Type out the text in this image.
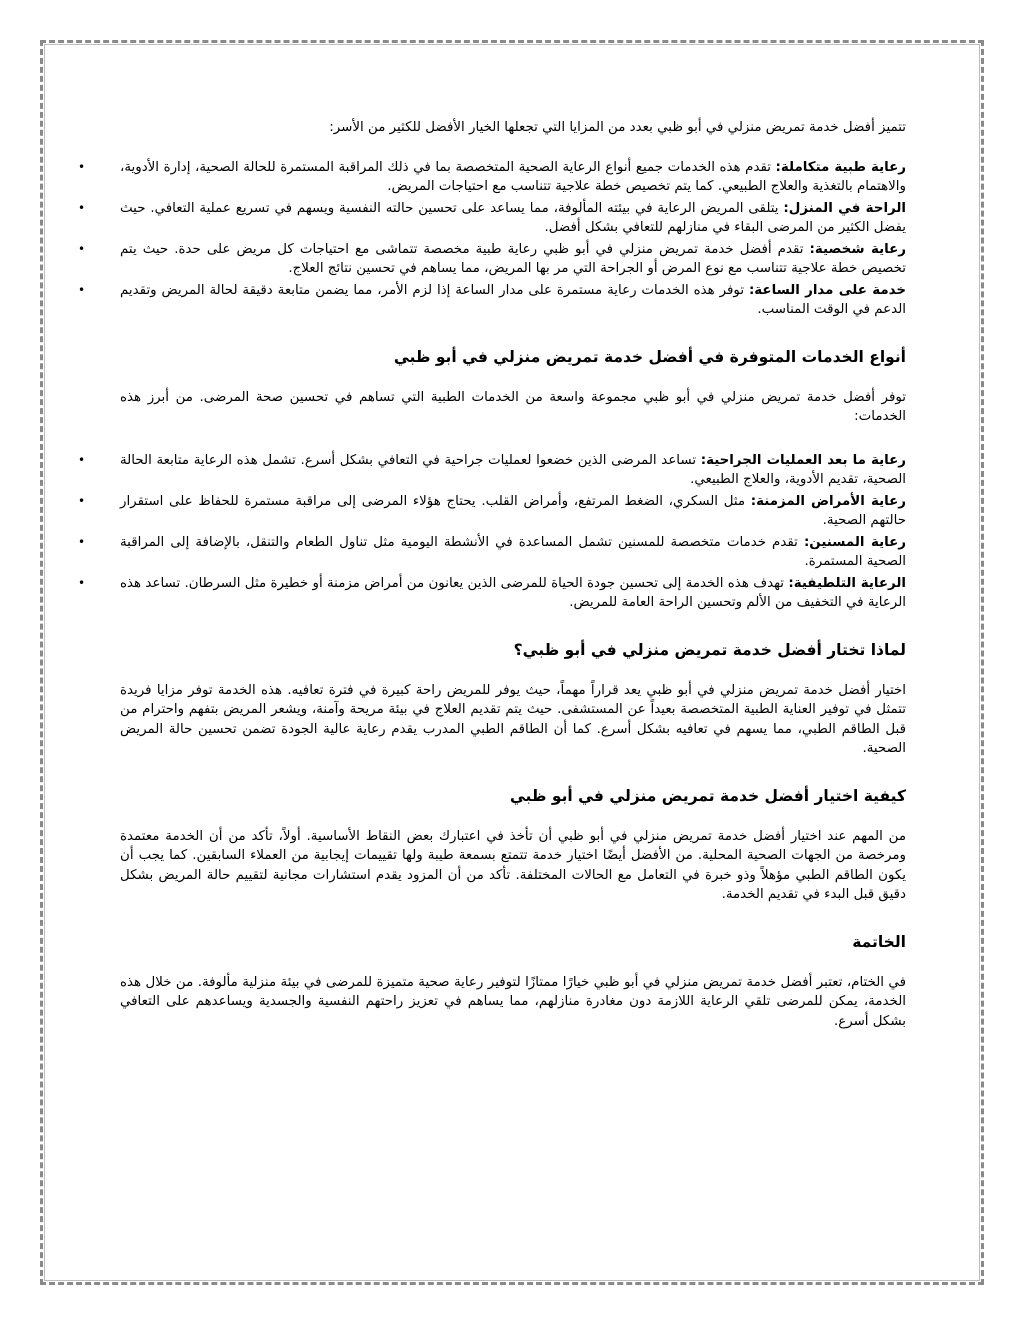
تتميز أفضل خدمة تمريض منزلي في أبو ظبي بعدد من المزايا التي تجعلها الخيار الأفضل للكثير من الأسر:

•	رعاية طبية متكاملة: تقدم هذه الخدمات جميع أنواع الرعاية الصحية المتخصصة بما في ذلك المراقبة المستمرة للحالة الصحية، إدارة الأدوية، والاهتمام بالتغذية والعلاج الطبيعي. كما يتم تخصيص خطة علاجية تتناسب مع احتياجات المريض.
•	الراحة في المنزل: يتلقى المريض الرعاية في بيئته المألوفة، مما يساعد على تحسين حالته النفسية ويسهم في تسريع عملية التعافي. حيث يفضل الكثير من المرضى البقاء في منازلهم للتعافي بشكل أفضل.
•	رعاية شخصية: تقدم أفضل خدمة تمريض منزلي في أبو ظبي رعاية طبية مخصصة تتماشى مع احتياجات كل مريض على حدة. حيث يتم تخصيص خطة علاجية تتناسب مع نوع المرض أو الجراحة التي مر بها المريض، مما يساهم في تحسين نتائج العلاج.
•	خدمة على مدار الساعة: توفر هذه الخدمات رعاية مستمرة على مدار الساعة إذا لزم الأمر، مما يضمن متابعة دقيقة لحالة المريض وتقديم الدعم في الوقت المناسب.
أنواع الخدمات المتوفرة في أفضل خدمة تمريض منزلي في أبو ظبي

توفر أفضل خدمة تمريض منزلي في أبو ظبي مجموعة واسعة من الخدمات الطبية التي تساهم في تحسين صحة المرضى. من أبرز هذه الخدمات:

•	رعاية ما بعد العمليات الجراحية: تساعد المرضى الذين خضعوا لعمليات جراحية في التعافي بشكل أسرع. تشمل هذه الرعاية متابعة الحالة الصحية، تقديم الأدوية، والعلاج الطبيعي.
•	رعاية الأمراض المزمنة: مثل السكري، الضغط المرتفع، وأمراض القلب. يحتاج هؤلاء المرضى إلى مراقبة مستمرة للحفاظ على استقرار حالتهم الصحية.
•	رعاية المسنين: تقدم خدمات متخصصة للمسنين تشمل المساعدة في الأنشطة اليومية مثل تناول الطعام والتنقل، بالإضافة إلى المراقبة الصحية المستمرة.
•	الرعاية التلطيفية: تهدف هذه الخدمة إلى تحسين جودة الحياة للمرضى الذين يعانون من أمراض مزمنة أو خطيرة مثل السرطان. تساعد هذه الرعاية في التخفيف من الألم وتحسين الراحة العامة للمريض.
لماذا تختار أفضل خدمة تمريض منزلي في أبو ظبي؟

اختيار أفضل خدمة تمريض منزلي في أبو ظبي يعد قراراً مهماً، حيث يوفر للمريض راحة كبيرة في فترة تعافيه. هذه الخدمة توفر مزايا فريدة تتمثل في توفير العناية الطبية المتخصصة بعيداً عن المستشفى. حيث يتم تقديم العلاج في بيئة مريحة وآمنة، ويشعر المريض بتفهم واحترام من قبل الطاقم الطبي، مما يسهم في تعافيه بشكل أسرع. كما أن الطاقم الطبي المدرب يقدم رعاية عالية الجودة تضمن تحسين حالة المريض الصحية.

كيفية اختيار أفضل خدمة تمريض منزلي في أبو ظبي

من المهم عند اختيار أفضل خدمة تمريض منزلي في أبو ظبي أن تأخذ في اعتبارك بعض النقاط الأساسية. أولاً، تأكد من أن الخدمة معتمدة ومرخصة من الجهات الصحية المحلية. من الأفضل أيضًا اختيار خدمة تتمتع بسمعة طيبة ولها تقييمات إيجابية من العملاء السابقين. كما يجب أن يكون الطاقم الطبي مؤهلاً وذو خبرة في التعامل مع الحالات المختلفة. تأكد من أن المزود يقدم استشارات مجانية لتقييم حالة المريض بشكل دقيق قبل البدء في تقديم الخدمة.

الخاتمة

في الختام، تعتبر أفضل خدمة تمريض منزلي في أبو ظبي خيارًا ممتازًا لتوفير رعاية صحية متميزة للمرضى في بيئة منزلية مألوفة. من خلال هذه الخدمة، يمكن للمرضى تلقي الرعاية اللازمة دون مغادرة منازلهم، مما يساهم في تعزيز راحتهم النفسية والجسدية ويساعدهم على التعافي بشكل أسرع.
